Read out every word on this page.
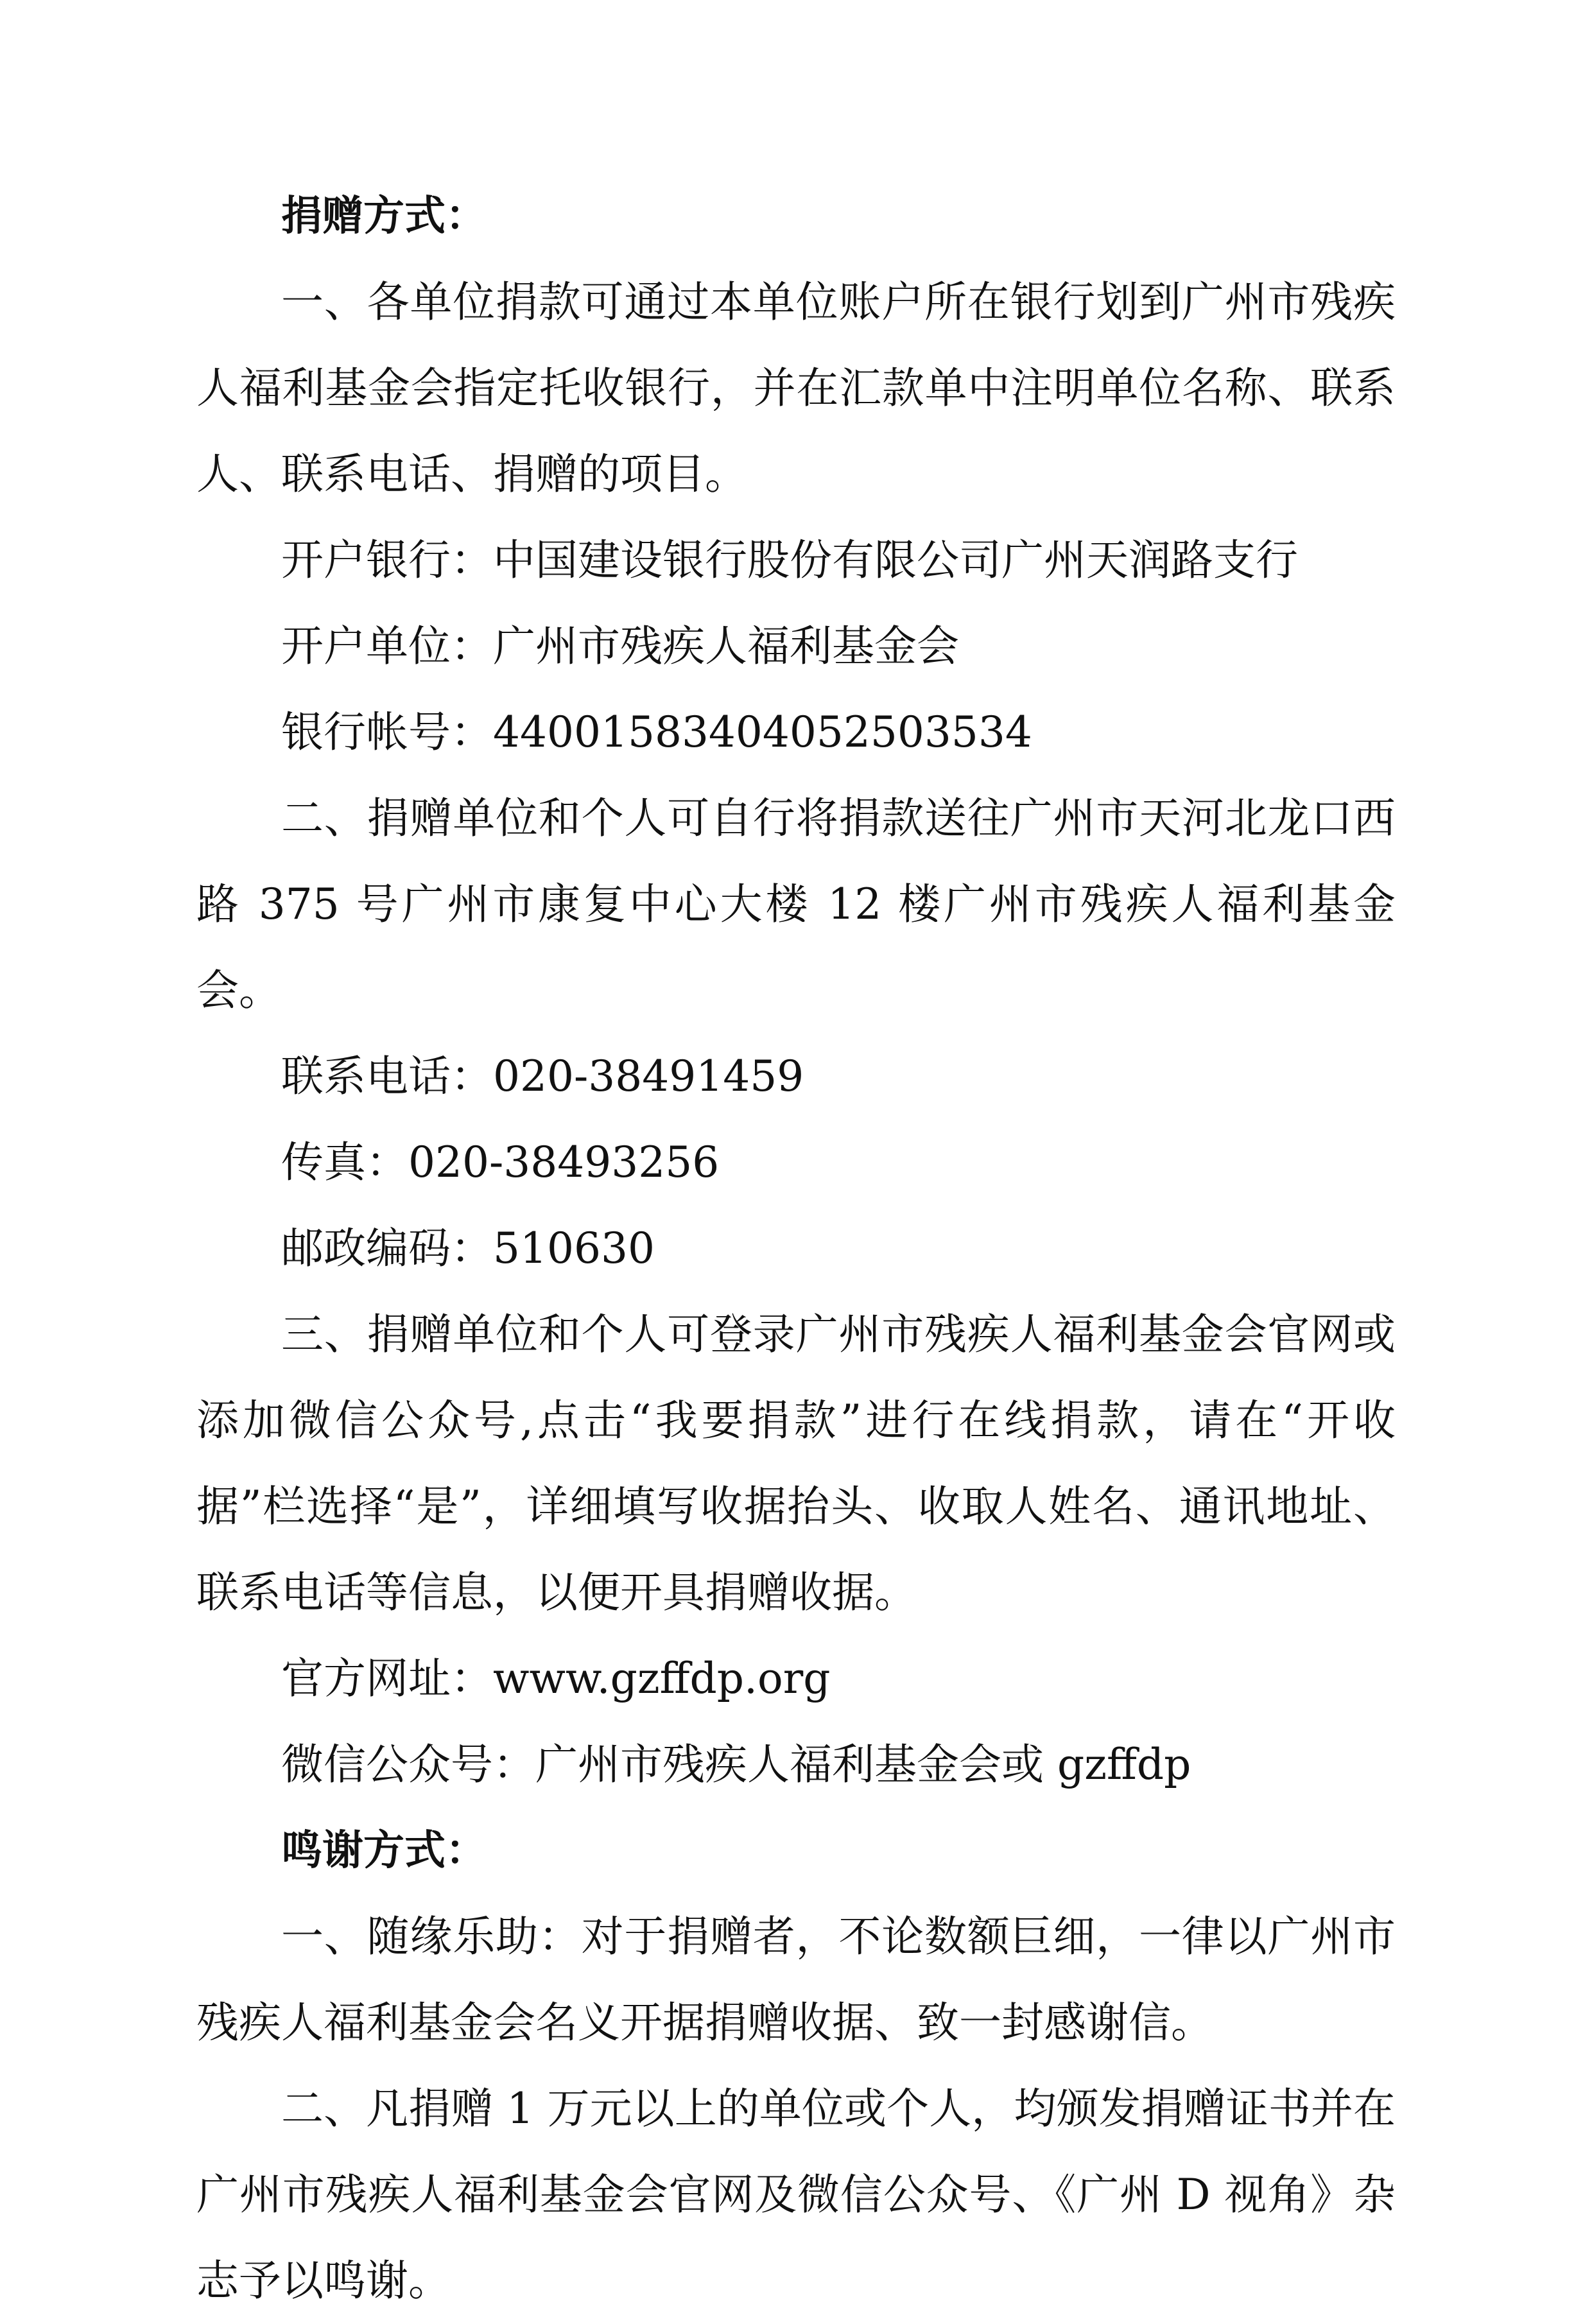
捐赠方式：

一、各单位捐款可通过本单位账户所在银行划到广州市残疾人福利基金会指定托收银行，并在汇款单中注明单位名称、联系人、联系电话、捐赠的项目。

开户银行：中国建设银行股份有限公司广州天润路支行

开户单位：广州市残疾人福利基金会

银行帐号：44001583404052503534

二、捐赠单位和个人可自行将捐款送往广州市天河北龙口西路 375 号广州市康复中心大楼 12 楼广州市残疾人福利基金会。

联系电话：020-38491459

传真：020-38493256

邮政编码：510630

三、捐赠单位和个人可登录广州市残疾人福利基金会官网或添加微信公众号,点击“我要捐款”进行在线捐款，请在“开收据”栏选择“是”，详细填写收据抬头、收取人姓名、通讯地址、联系电话等信息，以便开具捐赠收据。

官方网址：www.gzffdp.org

微信公众号：广州市残疾人福利基金会或 gzffdp

鸣谢方式：

一、随缘乐助：对于捐赠者，不论数额巨细，一律以广州市残疾人福利基金会名义开据捐赠收据、致一封感谢信。

二、凡捐赠 1 万元以上的单位或个人，均颁发捐赠证书并在广州市残疾人福利基金会官网及微信公众号、《广州 D 视角》杂志予以鸣谢。
